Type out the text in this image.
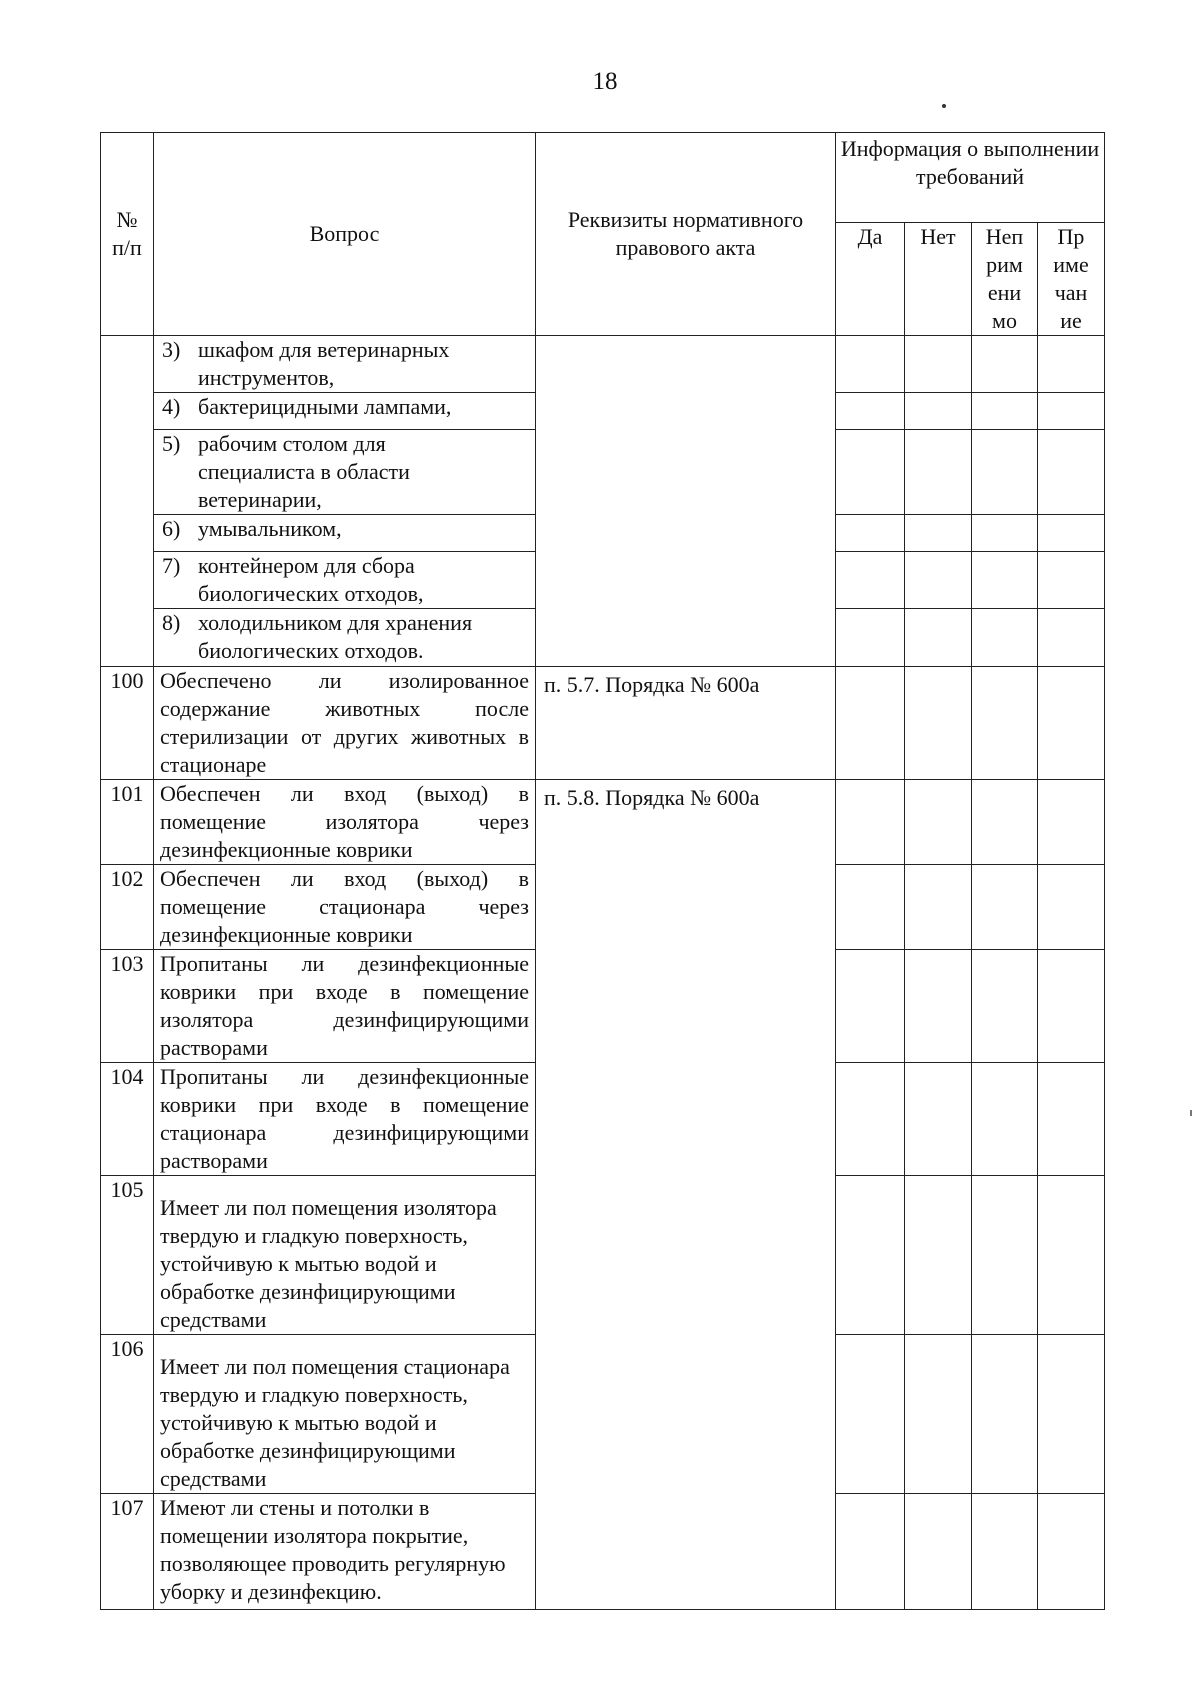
18
№ п/п	Вопрос	Реквизиты нормативного правового акта	Информация о выполнении требований			
			Да	Нет	Неприменимо	Примечание

	3) шкафом для ветеринарных инструментов,					
	4) бактерицидными лампами,					
	5) рабочим столом для специалиста в области ветеринарии,					
	6) умывальником,					
	7) контейнером для сбора биологических отходов,					
	8) холодильником для хранения биологических отходов.					

100	Обеспечено ли изолированное содержание животных после стерилизации от других животных в стационаре	п. 5.7. Порядка № 600а				

101	Обеспечен ли вход (выход) в помещение изолятора через дезинфекционные коврики	п. 5.8. Порядка № 600а				
102	Обеспечен ли вход (выход) в помещение стационара через дезинфекционные коврики					
103	Пропитаны ли дезинфекционные коврики при входе в помещение изолятора дезинфицирующими растворами					
104	Пропитаны ли дезинфекционные коврики при входе в помещение стационара дезинфицирующими растворами					
105	Имеет ли пол помещения изолятора твердую и гладкую поверхность, устойчивую к мытью водой и обработке дезинфицирующими средствами					
106	Имеет ли пол помещения стационара твердую и гладкую поверхность, устойчивую к мытью водой и обработке дезинфицирующими средствами					
107	Имеют ли стены и потолки в помещении изолятора покрытие, позволяющее проводить регулярную уборку и дезинфекцию.					
